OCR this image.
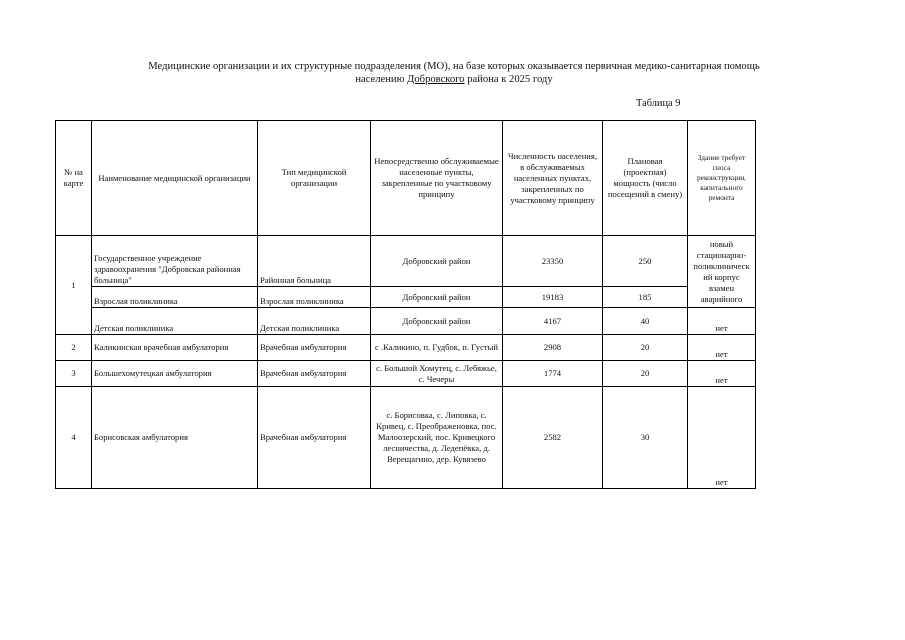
Медицинские организации и их структурные подразделения (МО), на базе которых оказывается первичная медико-санитарная помощь
населению Добровского района к 2025 году
Таблица 9
№ на карте	Наименование медицинской организации	Тип медицинской организации	Непосредственно обслуживаемые населенные пункты, закрепленные по участковому принципу	Численность населения, в обслуживаемых населенных пунктах, закрепленных по участковому принципу	Плановая (проектная) мощность (число посещений в смену)	Здание требует сноса реконструкции, капитального ремонта
1	Государственное учреждение здравоохранения "Добровская районная больница"	Районная больница	Добровский район	23350	250	новый стационарно-поликлиническ ий корпус взамен аварийного
	Взрослая поликлиника	Взрослая поликлиника	Добровский район	19183	185	
	Детская поликлиника	Детская поликлиника	Добровский район	4167	40	нет
2	Каликинская врачебная амбулатория	Врачебная амбулатория	с .Каликино, п. Гудбок, п. Густый	2908	20	нет
3	Большехомутецкая амбулатория	Врачебная амбулатория	с. Большой Хомутец, с. Лебяжье, с. Чечеры	1774	20	нет
4	Борисовская амбулатория	Врачебная амбулатория	с. Борисовка, с. Липовка, с. Кривец, с. Преображеновка, пос. Малоозерский, пос. Кривецкого лесничества, д. Ледепёвка, д. Верещагино, дер. Кувязево	2582	30	нет
